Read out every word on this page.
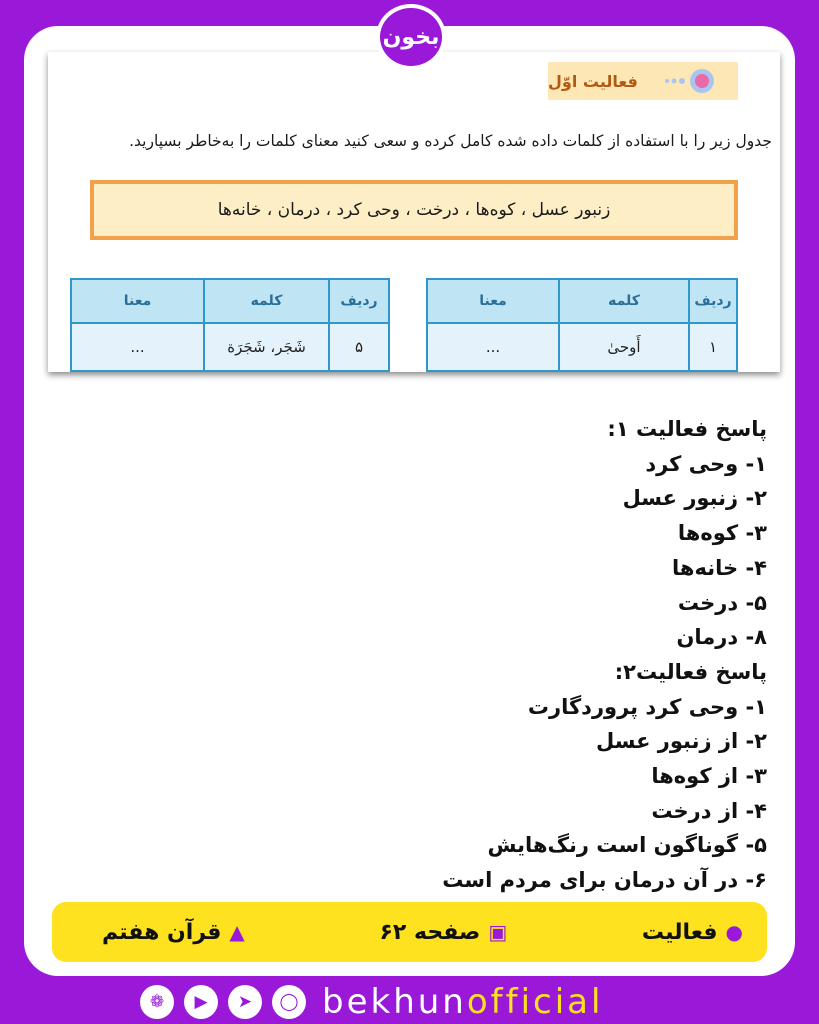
بخون
فعالیت اوّل
جدول زیر را با استفاده از کلمات داده شده کامل کرده و سعی کنید معنای کلمات را به‌خاطر بسپارید.
زنبور عسل ، کوه‌ها ، درخت ، وحی کرد ، درمان ، خانه‌ها
ردیف	کلمه	معنا
۱	أَوحىٰ	...
ردیف	کلمه	معنا
۵	شَجَر، شَجَرَة	...
پاسخ فعالیت ۱:
۱- وحی کرد
۲- زنبور عسل
۳- کوه‌ها
۴- خانه‌ها
۵- درخت
۸- درمان
پاسخ فعالیت۲:
۱- وحی کرد پروردگارت
۲- از زنبور عسل
۳- از کوه‌ها
۴- از درخت
۵- گوناگون است رنگ‌هایش
۶- در آن درمان برای مردم است
●
فعالیت
▣
صفحه ۶۲
▲
قرآن هفتم
❁	▶	➤	◯ bekhunofficial
